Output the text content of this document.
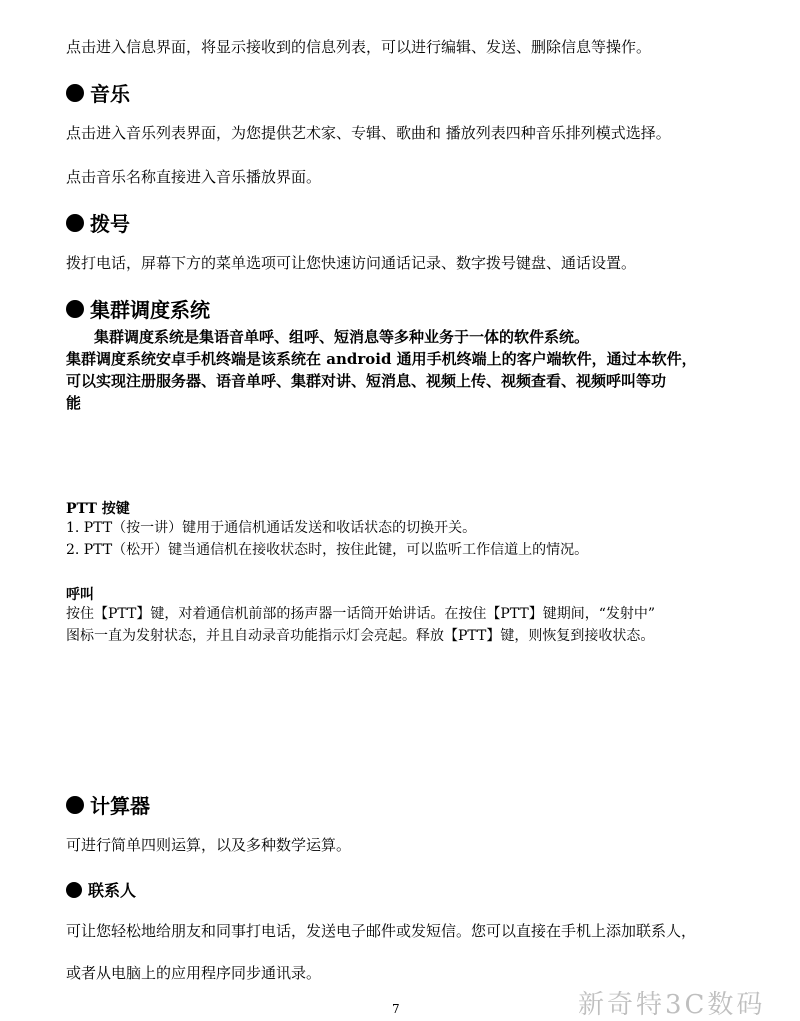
点击进入信息界面，将显示接收到的信息列表，可以进行编辑、发送、删除信息等操作。
音乐
点击进入音乐列表界面，为您提供艺术家、专辑、歌曲和 播放列表四种音乐排列模式选择。
点击音乐名称直接进入音乐播放界面。
拨号
拨打电话，屏幕下方的菜单选项可让您快速访问通话记录、数字拨号键盘、通话设置。
集群调度系统
集群调度系统是集语音单呼、组呼、短消息等多种业务于一体的软件系统。
集群调度系统安卓手机终端是该系统在 android 通用手机终端上的客户端软件，通过本软件，
可以实现注册服务器、语音单呼、集群对讲、短消息、视频上传、视频查看、视频呼叫等功
能
PTT 按键
1. PTT（按一讲）键用于通信机通话发送和收话状态的切换开关。
2. PTT（松开）键当通信机在接收状态时，按住此键，可以监听工作信道上的情况。
呼叫
按住【PTT】键，对着通信机前部的扬声器一话筒开始讲话。在按住【PTT】键期间，“发射中”
图标一直为发射状态，并且自动录音功能指示灯会亮起。释放【PTT】键，则恢复到接收状态。
计算器
可进行简单四则运算，以及多种数学运算。
联系人
可让您轻松地给朋友和同事打电话，发送电子邮件或发短信。您可以直接在手机上添加联系人，
或者从电脑上的应用程序同步通讯录。
7	新奇特3C数码
